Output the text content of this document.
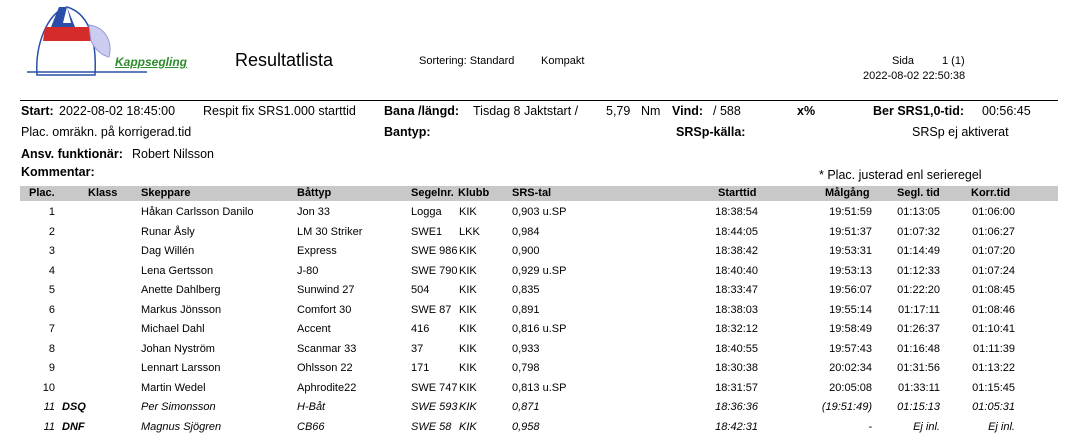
Kappsegling	Resultatlista	Sortering: Standard Kompakt	Sida	1 (1)
2022-08-02 22:50:38
Start: 2022-08-02 18:45:00 Respit fix SRS1.000 starttid Bana /längd: Tisdag 8 Jaktstart / 5,79 Nm Vind: / 588	x%	Ber SRS1,0-tid: 00:56:45
Plac. omräkn. på korrigerad.tid	Bantyp:	SRSp-källa:	SRSp ej aktiverat
Ansv. funktionär: Robert Nilsson
Kommentar:	* Plac. justerad enl serieregel
Plac.	Klass Skeppare	Båttyp	Segelnr. Klubb SRS-tal	Starttid	Målgång Segl. tid	Korr.tid
1	Håkan Carlsson Danilo	Jon 33	Logga	KIK	0,903 u.SP	18:38:54	19:51:59	01:13:05	01:06:00
2	Runar Åsly	LM 30 Striker	SWE1	LKK	0,984	18:44:05	19:51:37	01:07:32	01:06:27
3	Dag Willén	Express	SWE 986 KIK	0,900	18:38:42	19:53:31	01:14:49	01:07:20
4	Lena Gertsson	J-80	SWE 790 KIK	0,929 u.SP	18:40:40	19:53:13	01:12:33	01:07:24
5	Anette Dahlberg	Sunwind 27	504	KIK	0,835	18:33:47	19:56:07	01:22:20	01:08:45
6	Markus Jönsson	Comfort 30	SWE 87 KIK	0,891	18:38:03	19:55:14	01:17:11	01:08:46
7	Michael Dahl	Accent	416	KIK	0,816 u.SP	18:32:12	19:58:49	01:26:37	01:10:41
8	Johan Nyström	Scanmar 33	37	KIK	0,933	18:40:55	19:57:43	01:16:48	01:11:39
9	Lennart Larsson	Ohlsson 22	171	KIK	0,798	18:30:38	20:02:34	01:31:56	01:13:22
10	Martin Wedel	Aphrodite22	SWE 747 KIK	0,813 u.SP	18:31:57	20:05:08	01:33:11	01:15:45
11 DSQ	Per Simonsson	H-Båt	SWE 593 KIK	0,871	18:36:36	(19:51:49)	01:15:13	01:05:31
11 DNF	Magnus Sjögren	CB66	SWE 58 KIK	0,958	18:42:31	-	Ej inl.	Ej inl.
